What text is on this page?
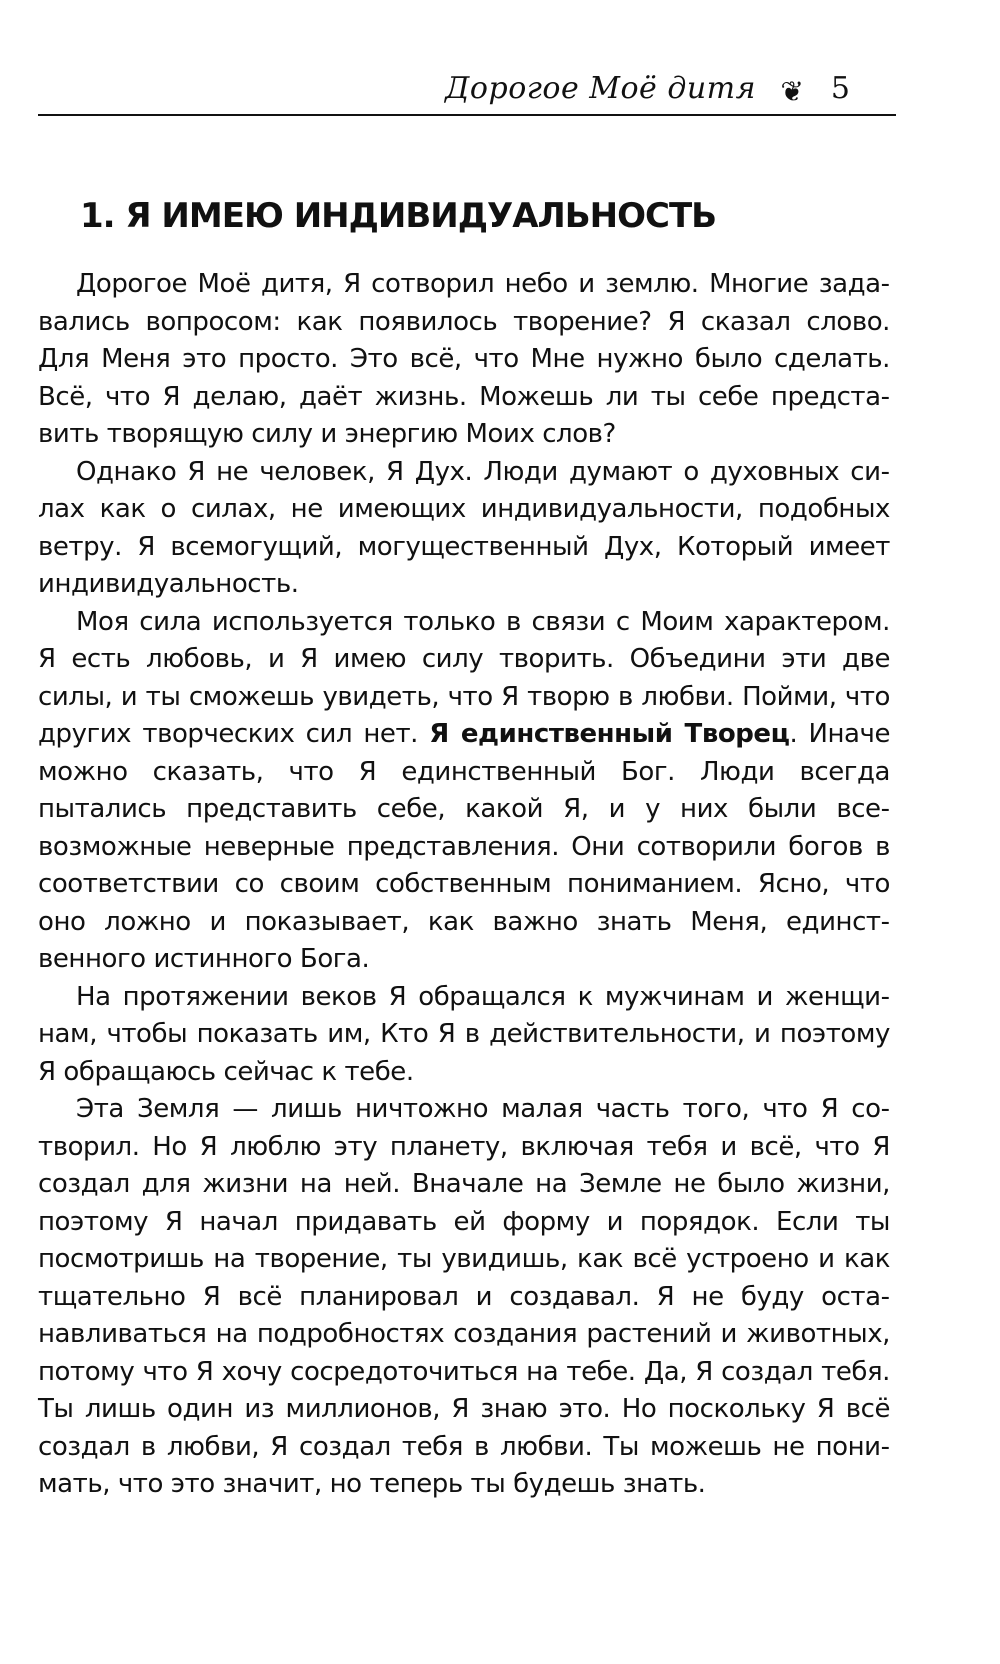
Дорогое Моё дитя ❦ 5
1. Я ИМЕЮ ИНДИВИДУАЛЬНОСТЬ

Дорогое Моё дитя, Я сотворил небо и землю. Многие задавались вопросом: как появилось творение? Я сказал слово. Для Меня это просто. Это всё, что Мне нужно было сделать. Всё, что Я делаю, даёт жизнь. Можешь ли ты себе представить творящую силу и энергию Моих слов?

Однако Я не человек, Я Дух. Люди думают о духовных силах как о силах, не имеющих индивидуальности, подобных ветру. Я всемогущий, могущественный Дух, Который имеет индивидуальность.

Моя сила используется только в связи с Моим характером. Я есть любовь, и Я имею силу творить. Объедини эти две силы, и ты сможешь увидеть, что Я творю в любви. Пойми, что других творческих сил нет. Я единственный Творец. Иначе можно сказать, что Я единственный Бог. Люди всегда пытались представить себе, какой Я, и у них были всевозможные неверные представления. Они сотворили богов в соответствии со своим собственным пониманием. Ясно, что оно ложно и показывает, как важно знать Меня, единственного истинного Бога.

На протяжении веков Я обращался к мужчинам и женщинам, чтобы показать им, Кто Я в действительности, и поэтому Я обращаюсь сейчас к тебе.

Эта Земля — лишь ничтожно малая часть того, что Я сотворил. Но Я люблю эту планету, включая тебя и всё, что Я создал для жизни на ней. Вначале на Земле не было жизни, поэтому Я начал придавать ей форму и порядок. Если ты посмотришь на творение, ты увидишь, как всё устроено и как тщательно Я всё планировал и создавал. Я не буду останавливаться на подробностях создания растений и животных, потому что Я хочу сосредоточиться на тебе. Да, Я создал тебя. Ты лишь один из миллионов, Я знаю это. Но поскольку Я всё создал в любви, Я создал тебя в любви. Ты можешь не понимать, что это значит, но теперь ты будешь знать.
